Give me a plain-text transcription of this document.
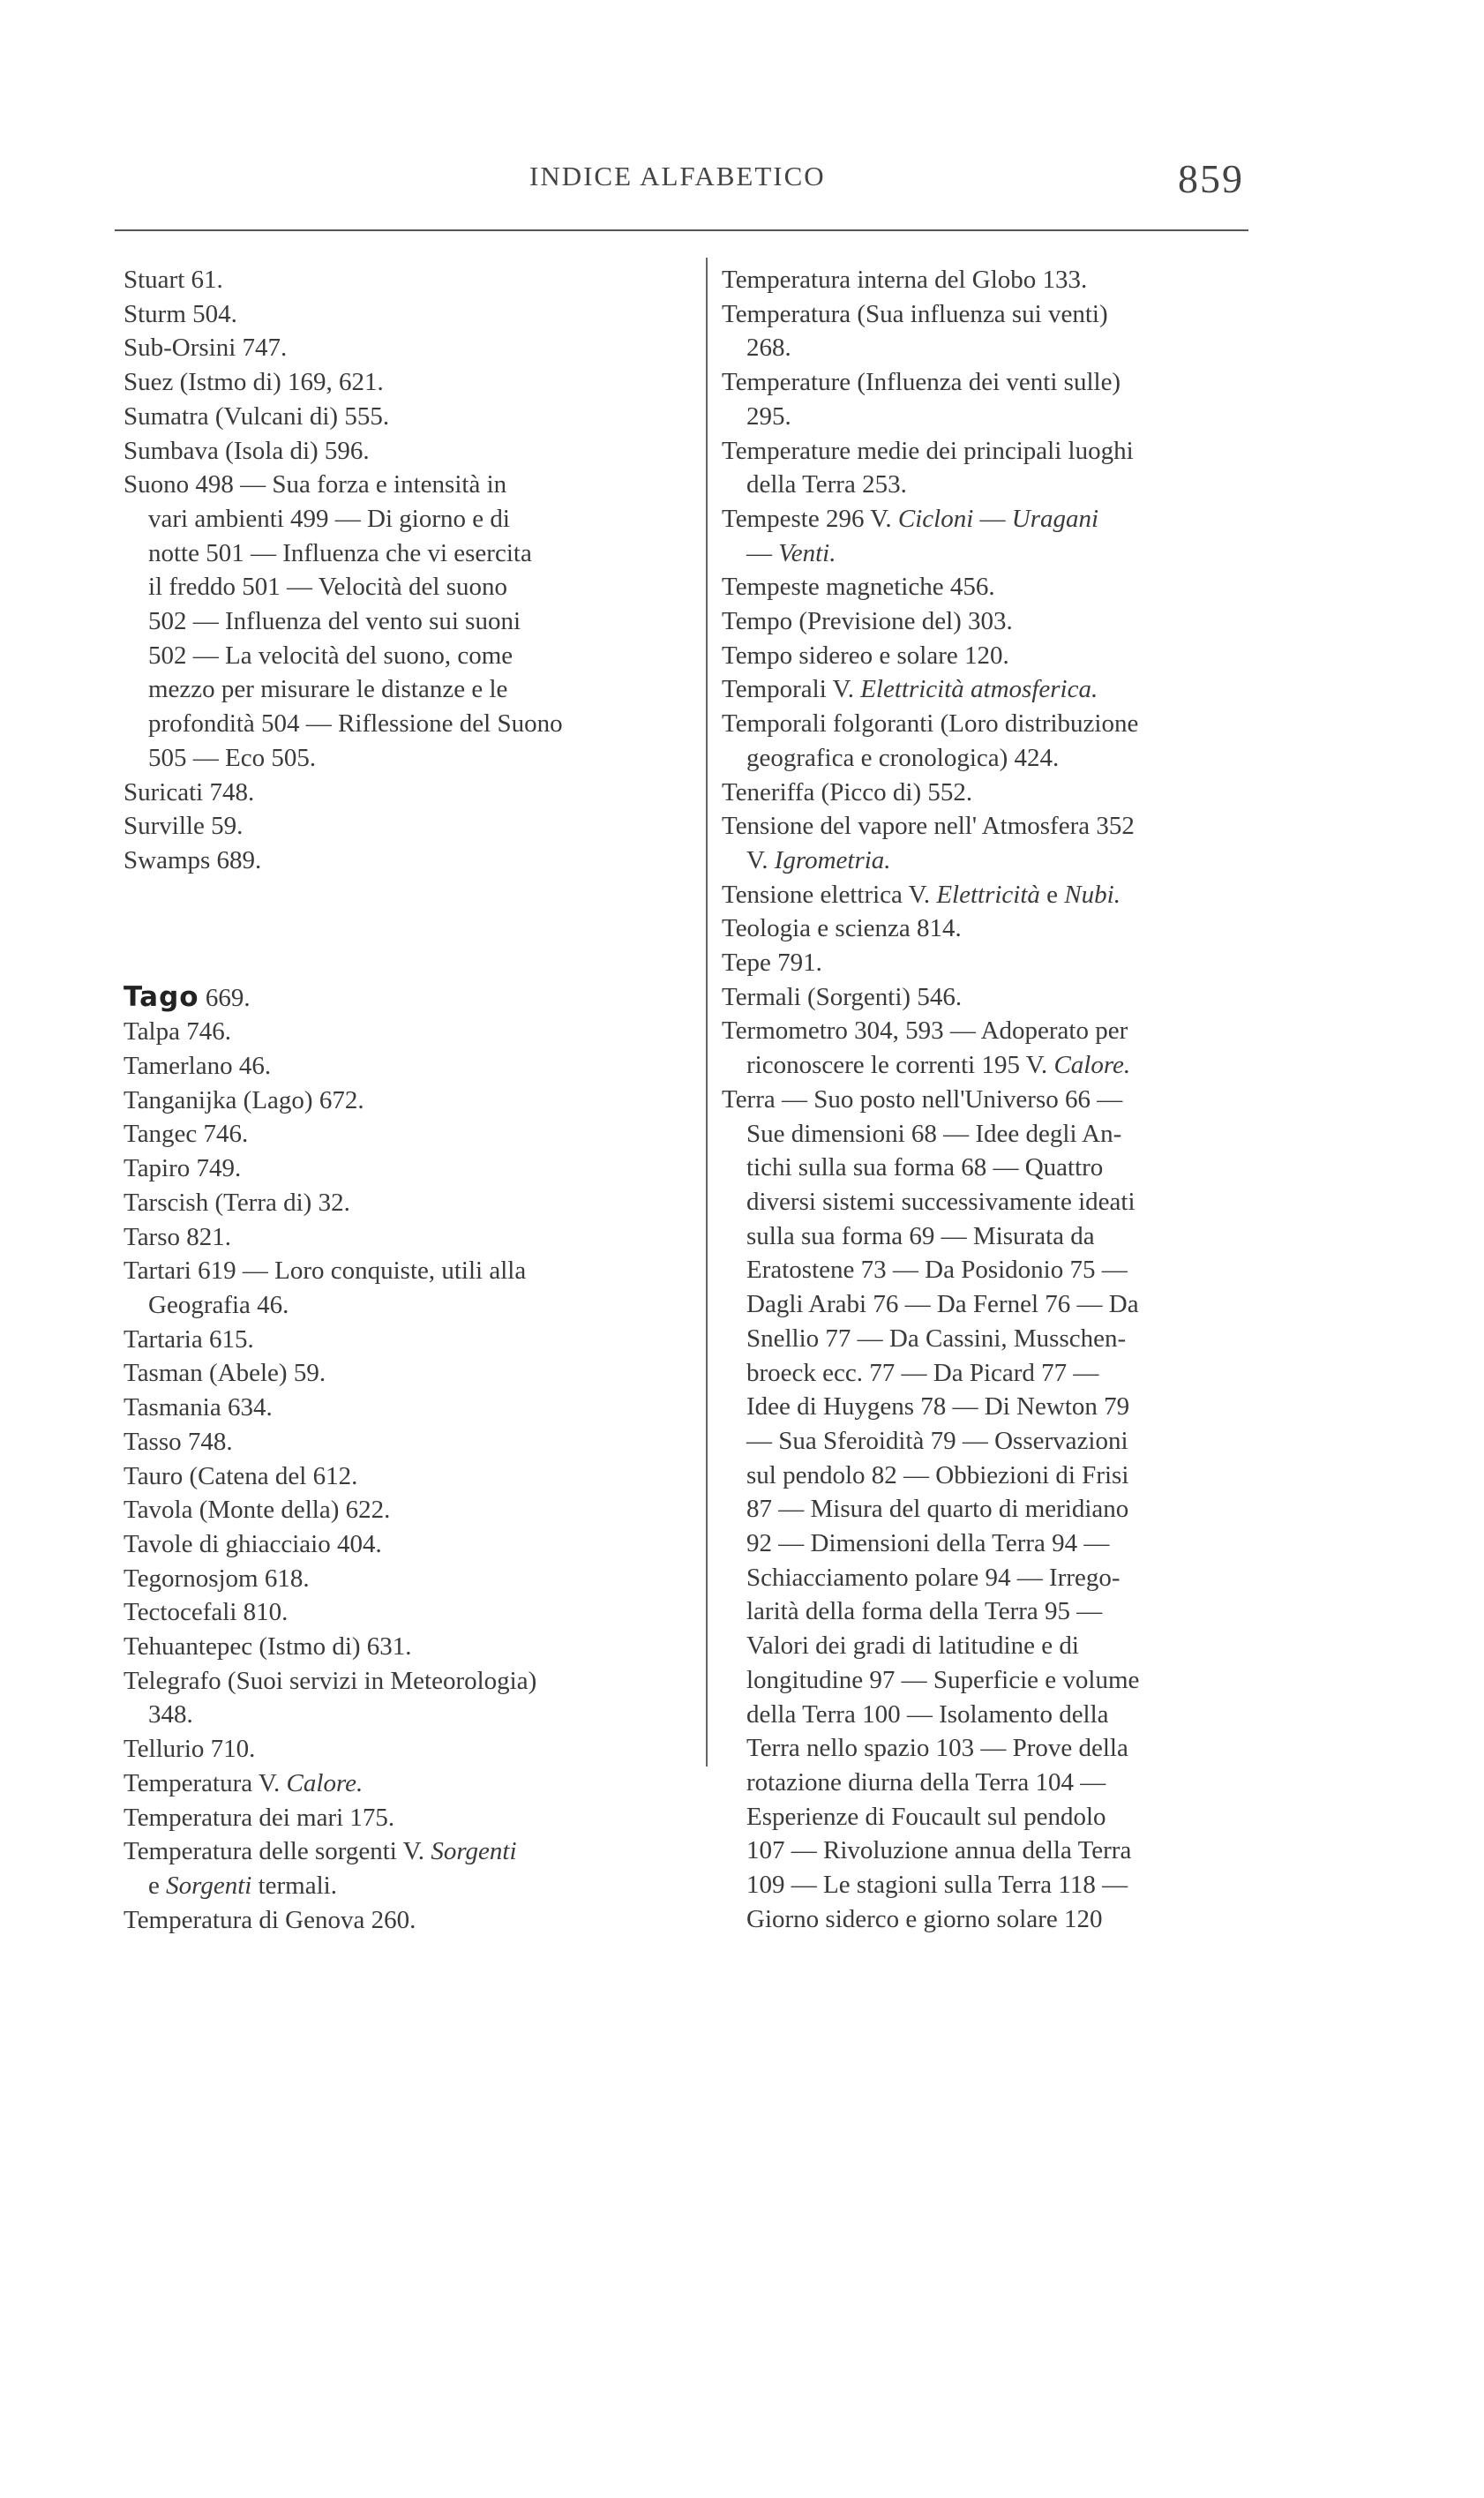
INDICE ALFABETICO	859
Stuart 61.
Sturm 504.
Sub-Orsini 747.
Suez (Istmo di) 169, 621.
Sumatra (Vulcani di) 555.
Sumbava (Isola di) 596.
Suono 498 — Sua forza e intensità in
vari ambienti 499 — Di giorno e di
notte 501 — Influenza che vi esercita
il freddo 501 — Velocità del suono
502 — Influenza del vento sui suoni
502 — La velocità del suono, come
mezzo per misurare le distanze e le
profondità 504 — Riflessione del Suono
505 — Eco 505.
Suricati 748.
Surville 59.
Swamps 689.
Tago 669.
Talpa 746.
Tamerlano 46.
Tanganijka (Lago) 672.
Tangec 746.
Tapiro 749.
Tarscish (Terra di) 32.
Tarso 821.
Tartari 619 — Loro conquiste, utili alla
Geografia 46.
Tartaria 615.
Tasman (Abele) 59.
Tasmania 634.
Tasso 748.
Tauro (Catena del 612.
Tavola (Monte della) 622.
Tavole di ghiacciaio 404.
Tegornosjom 618.
Tectocefali 810.
Tehuantepec (Istmo di) 631.
Telegrafo (Suoi servizi in Meteorologia)
348.
Tellurio 710.
Temperatura V. Calore.
Temperatura dei mari 175.
Temperatura delle sorgenti V. Sorgenti
e Sorgenti termali.
Temperatura di Genova 260.
Temperatura interna del Globo 133.
Temperatura (Sua influenza sui venti)
268.
Temperature (Influenza dei venti sulle)
295.
Temperature medie dei principali luoghi
della Terra 253.
Tempeste 296 V. Cicloni — Uragani
— Venti.
Tempeste magnetiche 456.
Tempo (Previsione del) 303.
Tempo sidereo e solare 120.
Temporali V. Elettricità atmosferica.
Temporali folgoranti (Loro distribuzione
geografica e cronologica) 424.
Teneriffa (Picco di) 552.
Tensione del vapore nell' Atmosfera 352
V. Igrometria.
Tensione elettrica V. Elettricità e Nubi.
Teologia e scienza 814.
Tepe 791.
Termali (Sorgenti) 546.
Termometro 304, 593 — Adoperato per
riconoscere le correnti 195 V. Calore.
Terra — Suo posto nell'Universo 66 —
Sue dimensioni 68 — Idee degli An-
tichi sulla sua forma 68 — Quattro
diversi sistemi successivamente ideati
sulla sua forma 69 — Misurata da
Eratostene 73 — Da Posidonio 75 —
Dagli Arabi 76 — Da Fernel 76 — Da
Snellio 77 — Da Cassini, Musschen-
broeck ecc. 77 — Da Picard 77 —
Idee di Huygens 78 — Di Newton 79
— Sua Sferoidità 79 — Osservazioni
sul pendolo 82 — Obbiezioni di Frisi
87 — Misura del quarto di meridiano
92 — Dimensioni della Terra 94 —
Schiacciamento polare 94 — Irrego-
larità della forma della Terra 95 —
Valori dei gradi di latitudine e di
longitudine 97 — Superficie e volume
della Terra 100 — Isolamento della
Terra nello spazio 103 — Prove della
rotazione diurna della Terra 104 —
Esperienze di Foucault sul pendolo
107 — Rivoluzione annua della Terra
109 — Le stagioni sulla Terra 118 —
Giorno siderco e giorno solare 120
